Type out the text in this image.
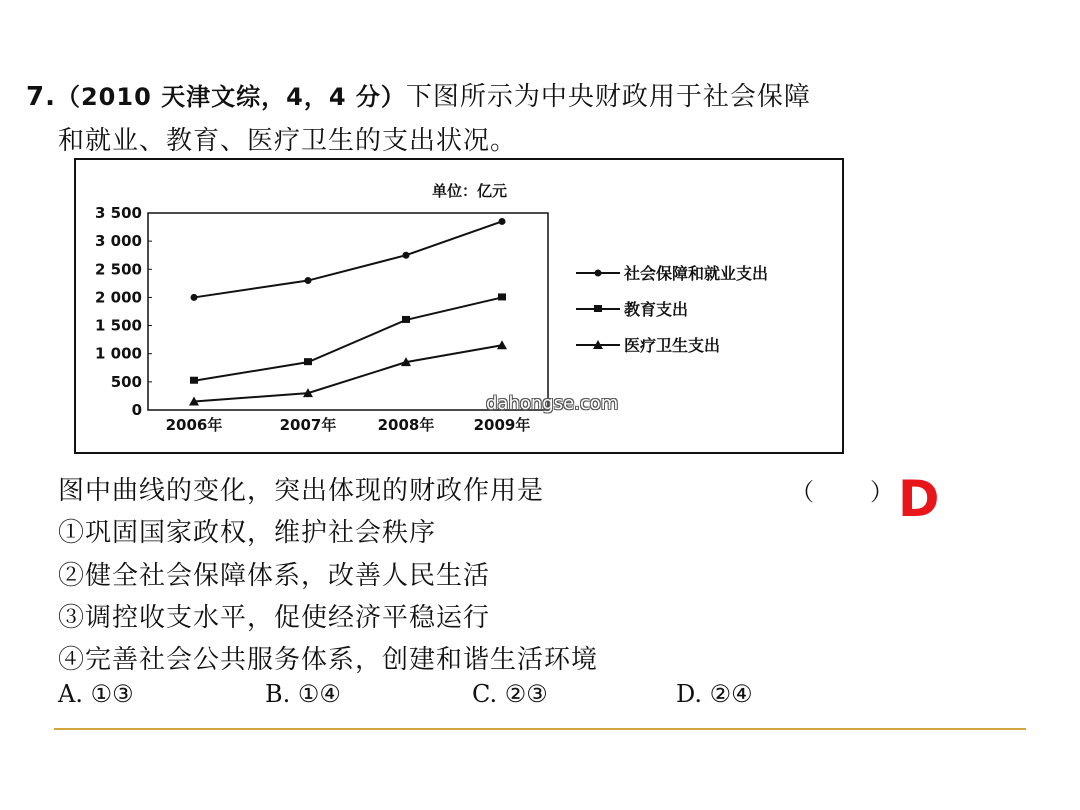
7.（2010 天津文综，4，4 分）下图所示为中央财政用于社会保障
和就业、教育、医疗卫生的支出状况。
单位：亿元
0
500
1 000
1 500
2 000
2 500
3 000
3 500
2006年	2007年	2008年	2009年
社会保障和就业支出
教育支出
医疗卫生支出
dahongse.com
图中曲线的变化，突出体现的财政作用是	（ ） D
①巩固国家政权，维护社会秩序
②健全社会保障体系，改善人民生活
③调控收支水平，促使经济平稳运行
④完善社会公共服务体系，创建和谐生活环境
A. ①③	B. ①④	C. ②③	D. ②④
